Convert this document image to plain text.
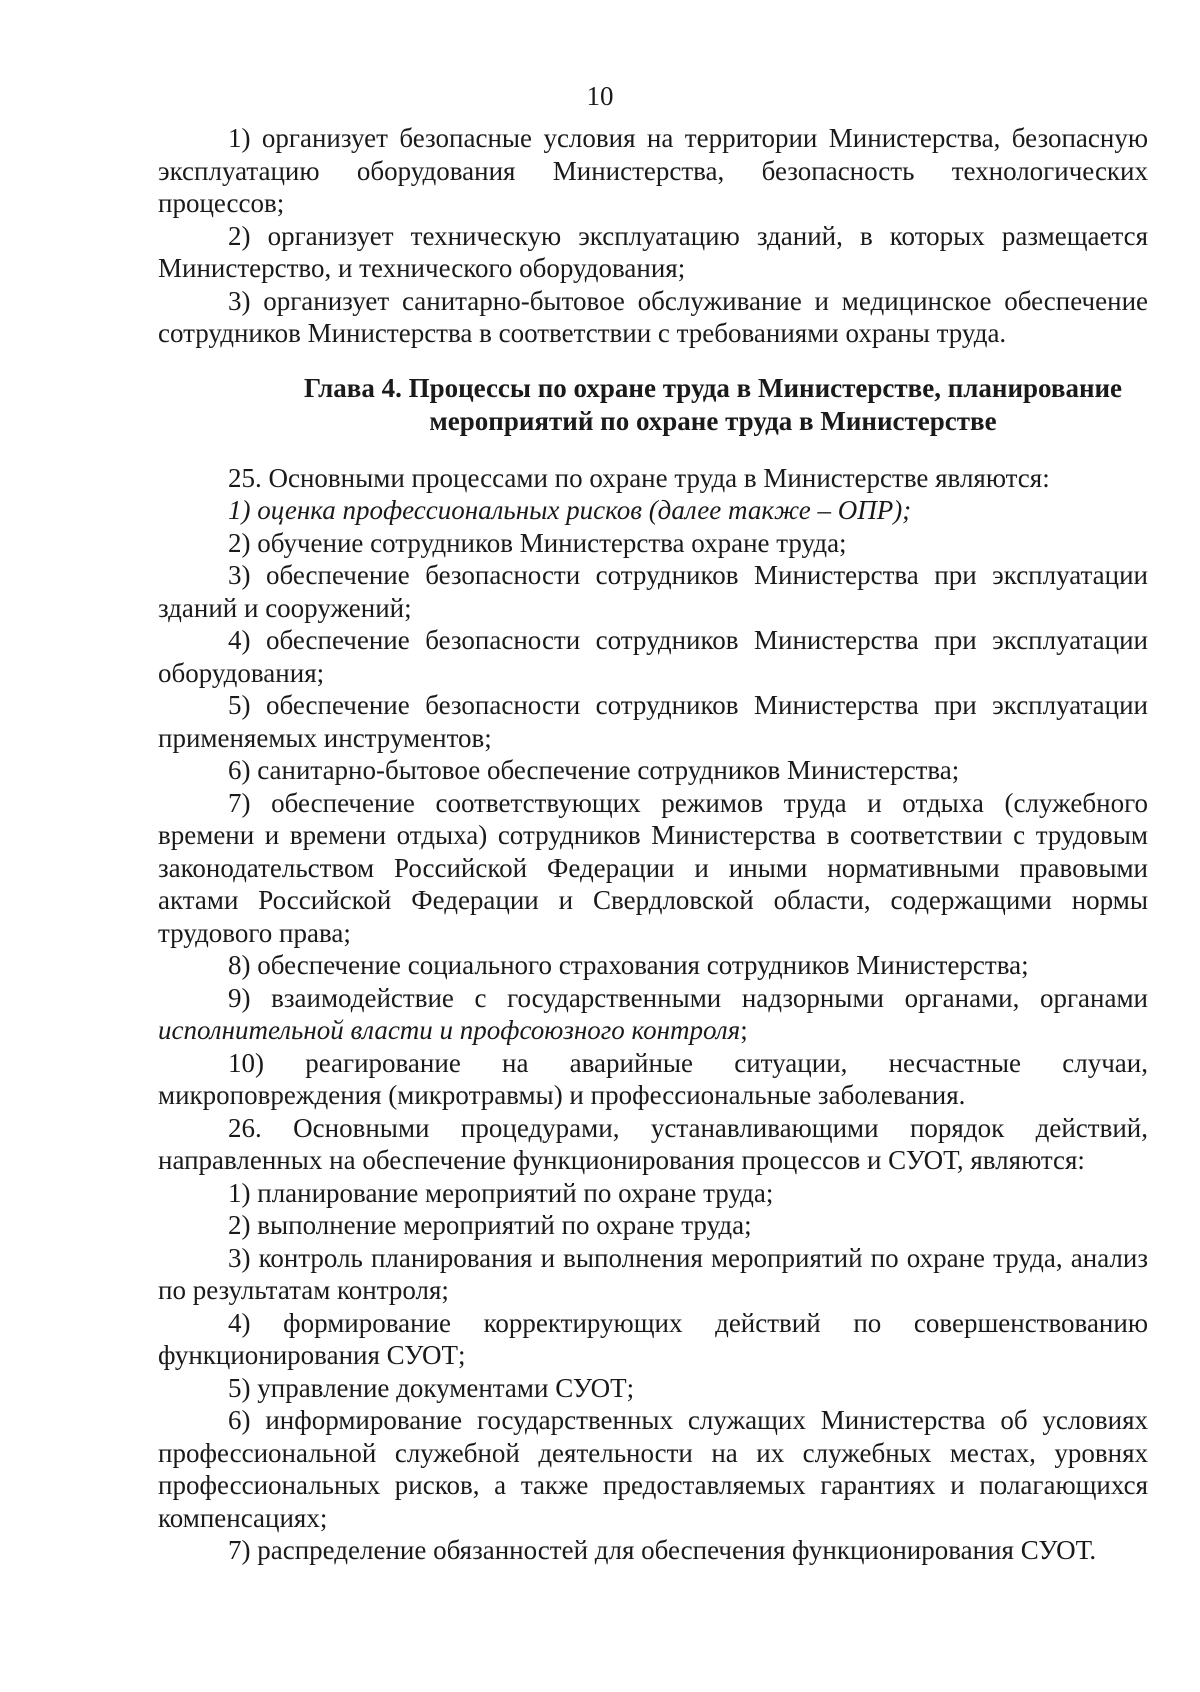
10

1) организует безопасные условия на территории Министерства, безопасную эксплуатацию оборудования Министерства, безопасность технологических процессов;

2) организует техническую эксплуатацию зданий, в которых размещается Министерство, и технического оборудования;

3) организует санитарно-бытовое обслуживание и медицинское обеспечение сотрудников Министерства в соответствии с требованиями охраны труда.

Глава 4. Процессы по охране труда в Министерстве, планирование
мероприятий по охране труда в Министерстве

25. Основными процессами по охране труда в Министерстве являются:

1) оценка профессиональных рисков (далее также – ОПР);

2) обучение сотрудников Министерства охране труда;

3) обеспечение безопасности сотрудников Министерства при эксплуатации зданий и сооружений;

4) обеспечение безопасности сотрудников Министерства при эксплуатации оборудования;

5) обеспечение безопасности сотрудников Министерства при эксплуатации применяемых инструментов;

6) санитарно-бытовое обеспечение сотрудников Министерства;

7) обеспечение соответствующих режимов труда и отдыха (служебного времени и времени отдыха) сотрудников Министерства в соответствии с трудовым законодательством Российской Федерации и иными нормативными правовыми актами Российской Федерации и Свердловской области, содержащими нормы трудового права;

8) обеспечение социального страхования сотрудников Министерства;

9) взаимодействие с государственными надзорными органами, органами исполнительной власти и профсоюзного контроля;

10) реагирование на аварийные ситуации, несчастные случаи, микроповреждения (микротравмы) и профессиональные заболевания.

26. Основными процедурами, устанавливающими порядок действий, направленных на обеспечение функционирования процессов и СУОТ, являются:

1) планирование мероприятий по охране труда;

2) выполнение мероприятий по охране труда;

3) контроль планирования и выполнения мероприятий по охране труда, анализ по результатам контроля;

4) формирование корректирующих действий по совершенствованию функционирования СУОТ;

5) управление документами СУОТ;

6) информирование государственных служащих Министерства об условиях профессиональной служебной деятельности на их служебных местах, уровнях профессиональных рисков, а также предоставляемых гарантиях и полагающихся компенсациях;

7) распределение обязанностей для обеспечения функционирования СУОТ.
